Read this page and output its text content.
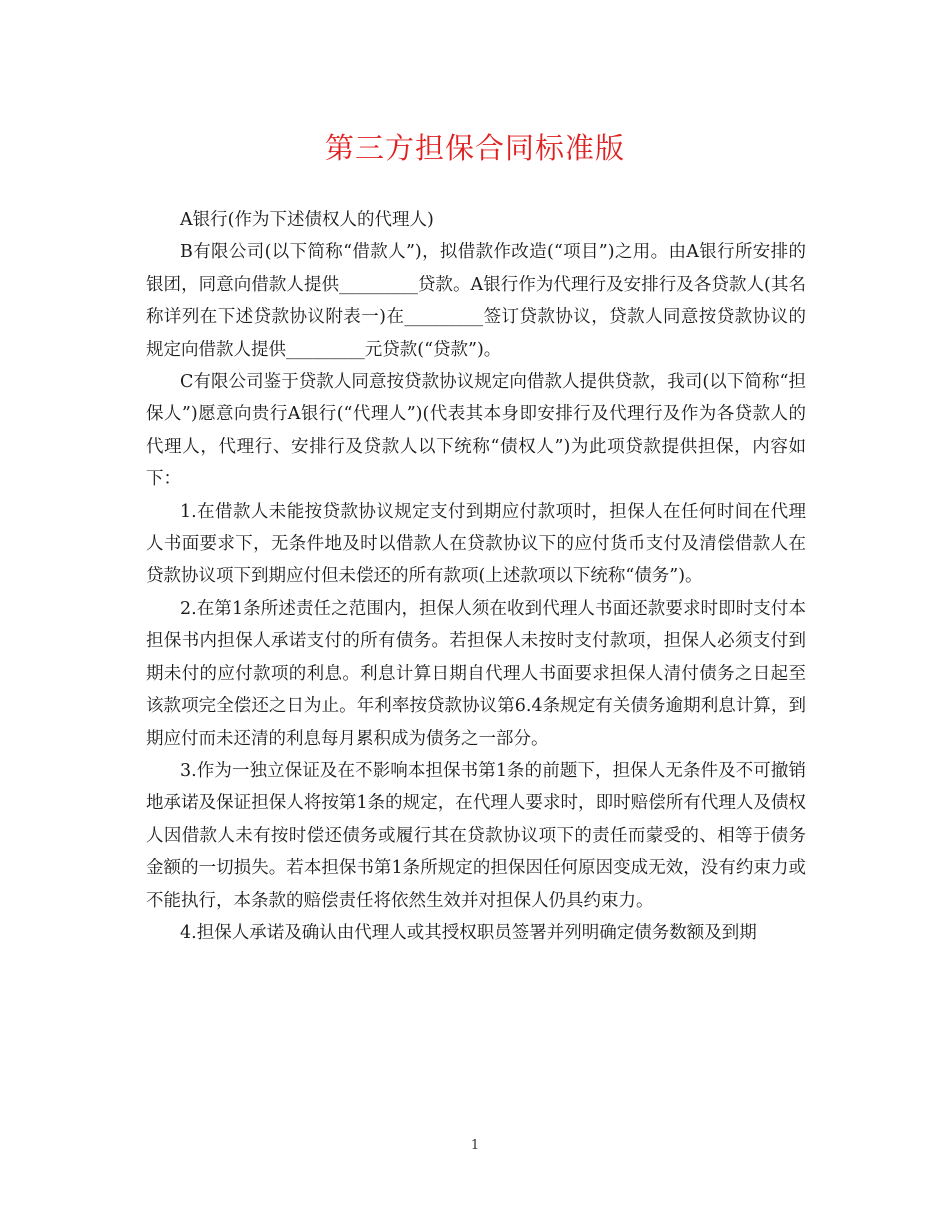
第三方担保合同标准版

A银行(作为下述债权人的代理人)

B有限公司(以下简称“借款人”)，拟借款作改造(“项目”)之用。由A银行所安排的银团，同意向借款人提供_________贷款。A银行作为代理行及安排行及各贷款人(其名称详列在下述贷款协议附表一)在_________签订贷款协议，贷款人同意按贷款协议的规定向借款人提供_________元贷款(“贷款”)。

C有限公司鉴于贷款人同意按贷款协议规定向借款人提供贷款，我司(以下简称“担保人”)愿意向贵行A银行(“代理人”)(代表其本身即安排行及代理行及作为各贷款人的代理人，代理行、安排行及贷款人以下统称“债权人”)为此项贷款提供担保，内容如下：

1.在借款人未能按贷款协议规定支付到期应付款项时，担保人在任何时间在代理人书面要求下，无条件地及时以借款人在贷款协议下的应付货币支付及清偿借款人在贷款协议项下到期应付但未偿还的所有款项(上述款项以下统称“债务”)。

2.在第1条所述责任之范围内，担保人须在收到代理人书面还款要求时即时支付本担保书内担保人承诺支付的所有债务。若担保人未按时支付款项，担保人必须支付到期未付的应付款项的利息。利息计算日期自代理人书面要求担保人清付债务之日起至该款项完全偿还之日为止。年利率按贷款协议第6.4条规定有关债务逾期利息计算，到期应付而未还清的利息每月累积成为债务之一部分。

3.作为一独立保证及在不影响本担保书第1条的前题下，担保人无条件及不可撤销地承诺及保证担保人将按第1条的规定，在代理人要求时，即时赔偿所有代理人及债权人因借款人未有按时偿还债务或履行其在贷款协议项下的责任而蒙受的、相等于债务金额的一切损失。若本担保书第1条所规定的担保因任何原因变成无效，没有约束力或不能执行，本条款的赔偿责任将依然生效并对担保人仍具约束力。

4.担保人承诺及确认由代理人或其授权职员签署并列明确定债务数额及到期

1
